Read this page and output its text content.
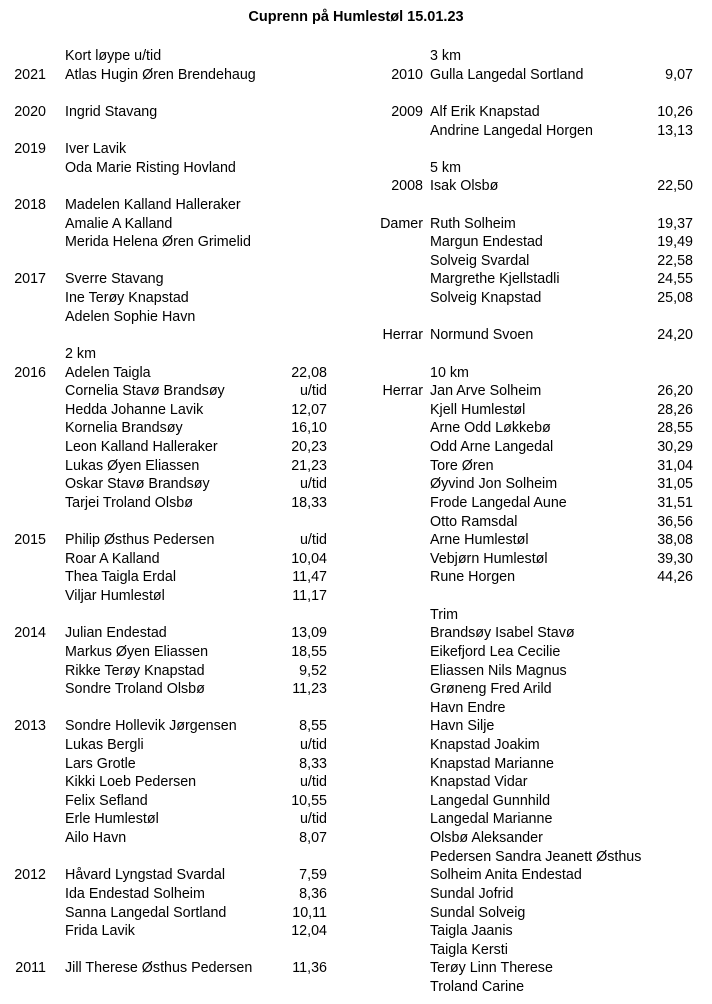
Cuprenn på Humlestøl 15.01.23
Kort løype u/tid
2021 Atlas Hugin Øren Brendehaug
2020 Ingrid Stavang
2019 Iver Lavik
Oda Marie Risting Hovland
2018 Madelen Kalland Halleraker
Amalie A Kalland
Merida Helena Øren Grimelid
2017 Sverre Stavang
Ine Terøy Knapstad
Adelen Sophie Havn
2 km
2016 Adelen Taigla	22,08
Cornelia Stavø Brandsøy	u/tid
Hedda Johanne Lavik	12,07
Kornelia Brandsøy	16,10
Leon Kalland Halleraker	20,23
Lukas Øyen Eliassen	21,23
Oskar Stavø Brandsøy	u/tid
Tarjei Troland Olsbø	18,33
2015 Philip Østhus Pedersen	u/tid
Roar A Kalland	10,04
Thea Taigla Erdal	11,47
Viljar Humlestøl	11,17
2014 Julian Endestad	13,09
Markus Øyen Eliassen	18,55
Rikke Terøy Knapstad	9,52
Sondre Troland Olsbø	11,23
2013 Sondre Hollevik Jørgensen	8,55
Lukas Bergli	u/tid
Lars Grotle	8,33
Kikki Loeb Pedersen	u/tid
Felix Sefland	10,55
Erle Humlestøl	u/tid
Ailo Havn	8,07
2012 Håvard Lyngstad Svardal	7,59
Ida Endestad Solheim	8,36
Sanna Langedal Sortland	10,11
Frida Lavik	12,04
2011 Jill Therese Østhus Pedersen	11,36
3 km
2010 Gulla Langedal Sortland	9,07
2009 Alf Erik Knapstad	10,26
Andrine Langedal Horgen	13,13
5 km
2008 Isak Olsbø	22,50
Damer Ruth Solheim	19,37
Margun Endestad	19,49
Solveig Svardal	22,58
Margrethe Kjellstadli	24,55
Solveig Knapstad	25,08
Herrar Normund Svoen	24,20
10 km
Herrar Jan Arve Solheim	26,20
Kjell Humlestøl	28,26
Arne Odd Løkkebø	28,55
Odd Arne Langedal	30,29
Tore Øren	31,04
Øyvind Jon Solheim	31,05
Frode Langedal Aune	31,51
Otto Ramsdal	36,56
Arne Humlestøl	38,08
Vebjørn Humlestøl	39,30
Rune Horgen	44,26
Trim
Brandsøy Isabel Stavø
Eikefjord Lea Cecilie
Eliassen Nils Magnus
Grøneng Fred Arild
Havn Endre
Havn Silje
Knapstad Joakim
Knapstad Marianne
Knapstad Vidar
Langedal Gunnhild
Langedal Marianne
Olsbø Aleksander
Pedersen Sandra Jeanett Østhus
Solheim Anita Endestad
Sundal Jofrid
Sundal Solveig
Taigla Jaanis
Taigla Kersti
Terøy Linn Therese
Troland Carine
